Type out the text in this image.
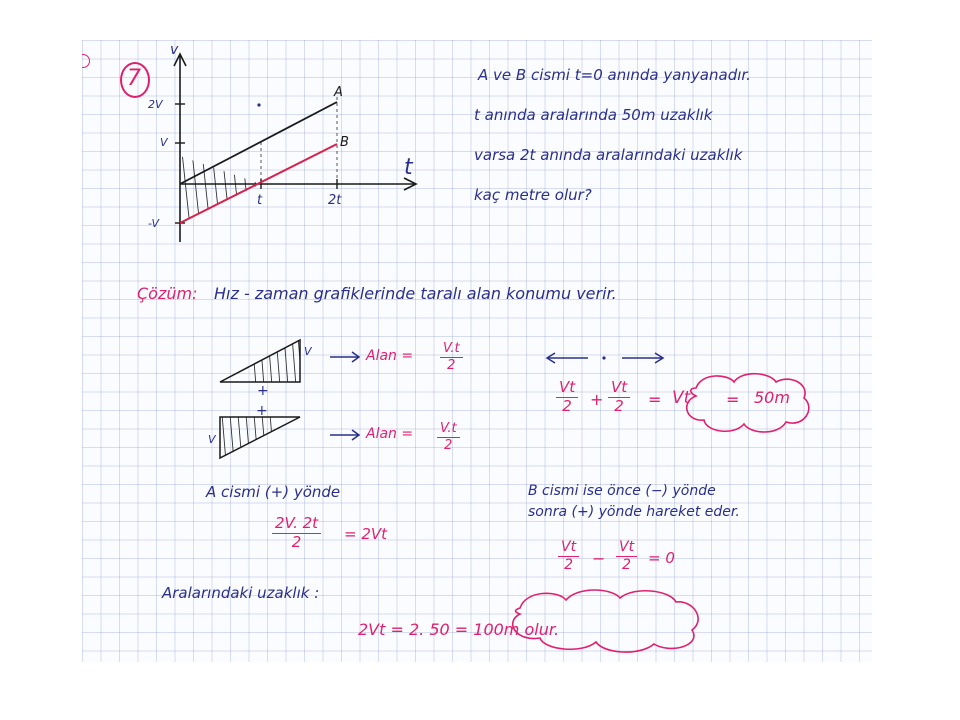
7
v
t
2V
V
-V
t	2t
A
B
A ve B cismi t=0 anında yanyanadır.
t anında aralarında 50m uzaklık
varsa 2t anında aralarındaki uzaklık
kaç metre olur?
Çözüm: Hız - zaman grafiklerinde taralı alan konumu verir.
V
+
+
V
Alan = $\frac{V.t}{2}$
Alan = $\frac{V.t}{2}$
$\frac{Vt}{2} + \frac{Vt}{2} = Vt = 50m$
A cismi (+) yönde
$\frac{2V. 2t}{2} = 2Vt$
B cismi ise önce (−) yönde
sonra (+) yönde hareket eder.
$\frac{Vt}{2} - \frac{Vt}{2} = 0$
Aralarındaki uzaklık :
2Vt = 2. 50 = 100m olur.
